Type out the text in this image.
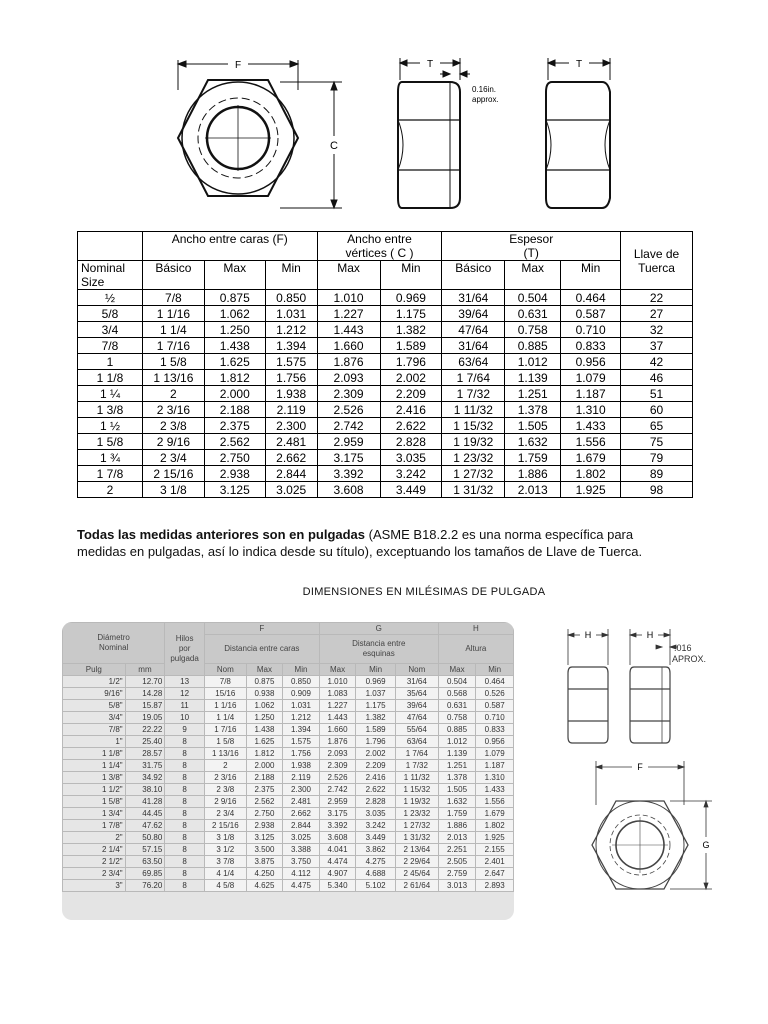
F
C
T
0.16in.
approx.
T
	Ancho entre caras (F)			Ancho entre
vértices ( C )		Espesor
(T)			Llave de
Tuerca
Nominal
Size	Básico	Max	Min	Max	Min	Básico	Max	Min	
½	7/8	0.875	0.850	1.010	0.969	31/64	0.504	0.464	22
5/8	1 1/16	1.062	1.031	1.227	1.175	39/64	0.631	0.587	27
3/4	1 1/4	1.250	1.212	1.443	1.382	47/64	0.758	0.710	32
7/8	1 7/16	1.438	1.394	1.660	1.589	31/64	0.885	0.833	37
1	1 5/8	1.625	1.575	1.876	1.796	63/64	1.012	0.956	42
1 1/8	1 13/16	1.812	1.756	2.093	2.002	1 7/64	1.139	1.079	46
1 ¼	2	2.000	1.938	2.309	2.209	1 7/32	1.251	1.187	51
1 3/8	2 3/16	2.188	2.119	2.526	2.416	1 11/32	1.378	1.310	60
1 ½	2 3/8	2.375	2.300	2.742	2.622	1 15/32	1.505	1.433	65
1 5/8	2 9/16	2.562	2.481	2.959	2.828	1 19/32	1.632	1.556	75
1 ¾	2 3/4	2.750	2.662	3.175	3.035	1 23/32	1.759	1.679	79
1 7/8	2 15/16	2.938	2.844	3.392	3.242	1 27/32	1.886	1.802	89
2	3 1/8	3.125	3.025	3.608	3.449	1 31/32	2.013	1.925	98
Todas las medidas anteriores son en pulgadas (ASME B18.2.2 es una norma específica para
medidas en pulgadas, así lo indica desde su título), exceptuando los tamaños de Llave de Tuerca.
DIMENSIONES EN MILÉSIMAS DE PULGADA
Diámetro
Nominal		Hilos
por
pulgada	F			G			H	
			Distancia entre caras			Distancia entre
esquinas			Altura	
Pulg	mm		Nom	Max	Min	Max	Min	Nom	Max	Min
1/2"	12.70	13	7/8	0.875	0.850	1.010	0.969	31/64	0.504	0.464
9/16"	14.28	12	15/16	0.938	0.909	1.083	1.037	35/64	0.568	0.526
5/8"	15.87	11	1 1/16	1.062	1.031	1.227	1.175	39/64	0.631	0.587
3/4"	19.05	10	1 1/4	1.250	1.212	1.443	1.382	47/64	0.758	0.710
7/8"	22.22	9	1 7/16	1.438	1.394	1.660	1.589	55/64	0.885	0.833
1"	25.40	8	1 5/8	1.625	1.575	1.876	1.796	63/64	1.012	0.956
1 1/8"	28.57	8	1 13/16	1.812	1.756	2.093	2.002	1 7/64	1.139	1.079
1 1/4"	31.75	8	2	2.000	1.938	2.309	2.209	1 7/32	1.251	1.187
1 3/8"	34.92	8	2 3/16	2.188	2.119	2.526	2.416	1 11/32	1.378	1.310
1 1/2"	38.10	8	2 3/8	2.375	2.300	2.742	2.622	1 15/32	1.505	1.433
1 5/8"	41.28	8	2 9/16	2.562	2.481	2.959	2.828	1 19/32	1.632	1.556
1 3/4"	44.45	8	2 3/4	2.750	2.662	3.175	3.035	1 23/32	1.759	1.679
1 7/8"	47.62	8	2 15/16	2.938	2.844	3.392	3.242	1 27/32	1.886	1.802
2"	50.80	8	3 1/8	3.125	3.025	3.608	3.449	1 31/32	2.013	1.925
2 1/4"	57.15	8	3 1/2	3.500	3.388	4.041	3.862	2 13/64	2.251	2.155
2 1/2"	63.50	8	3 7/8	3.875	3.750	4.474	4.275	2 29/64	2.505	2.401
2 3/4"	69.85	8	4 1/4	4.250	4.112	4.907	4.688	2 45/64	2.759	2.647
3"	76.20	8	4 5/8	4.625	4.475	5.340	5.102	2 61/64	3.013	2.893
H	H
.016
APROX.
F
G
